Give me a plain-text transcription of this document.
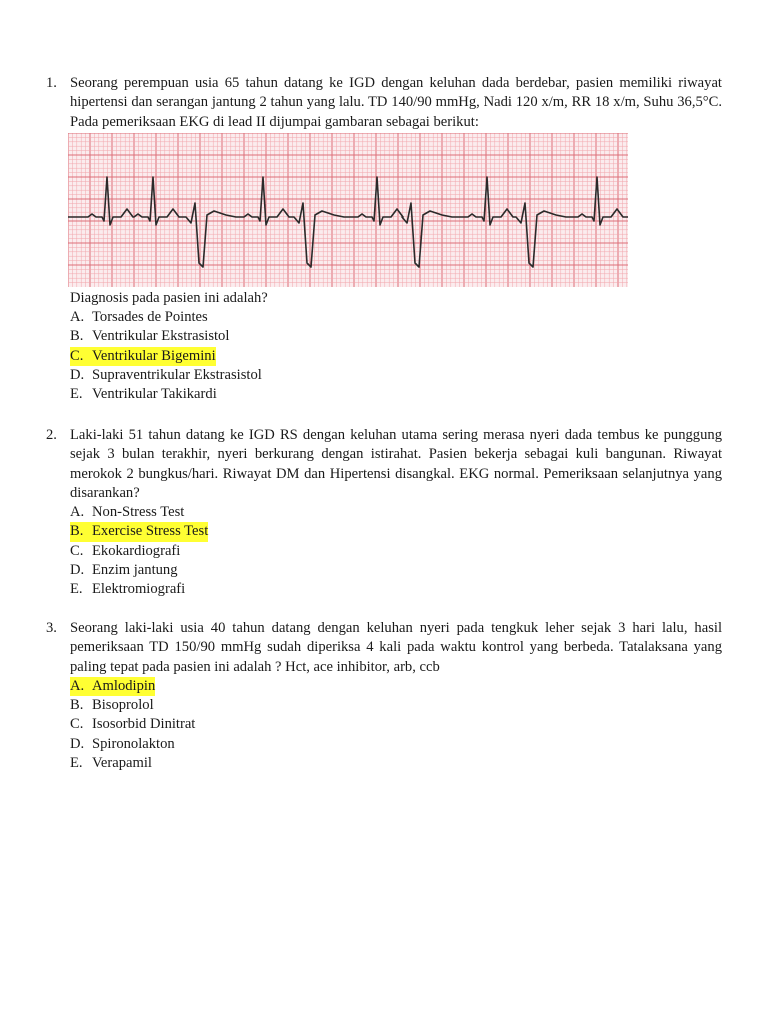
1. Seorang perempuan usia 65 tahun datang ke IGD dengan keluhan dada berdebar, pasien memiliki riwayat hipertensi dan serangan jantung 2 tahun yang lalu. TD 140/90 mmHg, Nadi 120 x/m, RR 18 x/m, Suhu 36,5°C. Pada pemeriksaan EKG di lead II dijumpai gambaran sebagai berikut:
Diagnosis pada pasien ini adalah?
A. Torsades de Pointes
B. Ventrikular Ekstrasistol
C. Ventrikular Bigemini
D. Supraventrikular Ekstrasistol
E. Ventrikular Takikardi
2. Laki-laki 51 tahun datang ke IGD RS dengan keluhan utama sering merasa nyeri dada tembus ke punggung sejak 3 bulan terakhir, nyeri berkurang dengan istirahat. Pasien bekerja sebagai kuli bangunan. Riwayat merokok 2 bungkus/hari. Riwayat DM dan Hipertensi disangkal. EKG normal. Pemeriksaan selanjutnya yang disarankan?
A. Non-Stress Test
B. Exercise Stress Test
C. Ekokardiografi
D. Enzim jantung
E. Elektromiografi
3. Seorang laki-laki usia 40 tahun datang dengan keluhan nyeri pada tengkuk leher sejak 3 hari lalu, hasil pemeriksaan TD 150/90 mmHg sudah diperiksa 4 kali pada waktu kontrol yang berbeda. Tatalaksana yang paling tepat pada pasien ini adalah ? Hct, ace inhibitor, arb, ccb
A. Amlodipin
B. Bisoprolol
C. Isosorbid Dinitrat
D. Spironolakton
E. Verapamil
